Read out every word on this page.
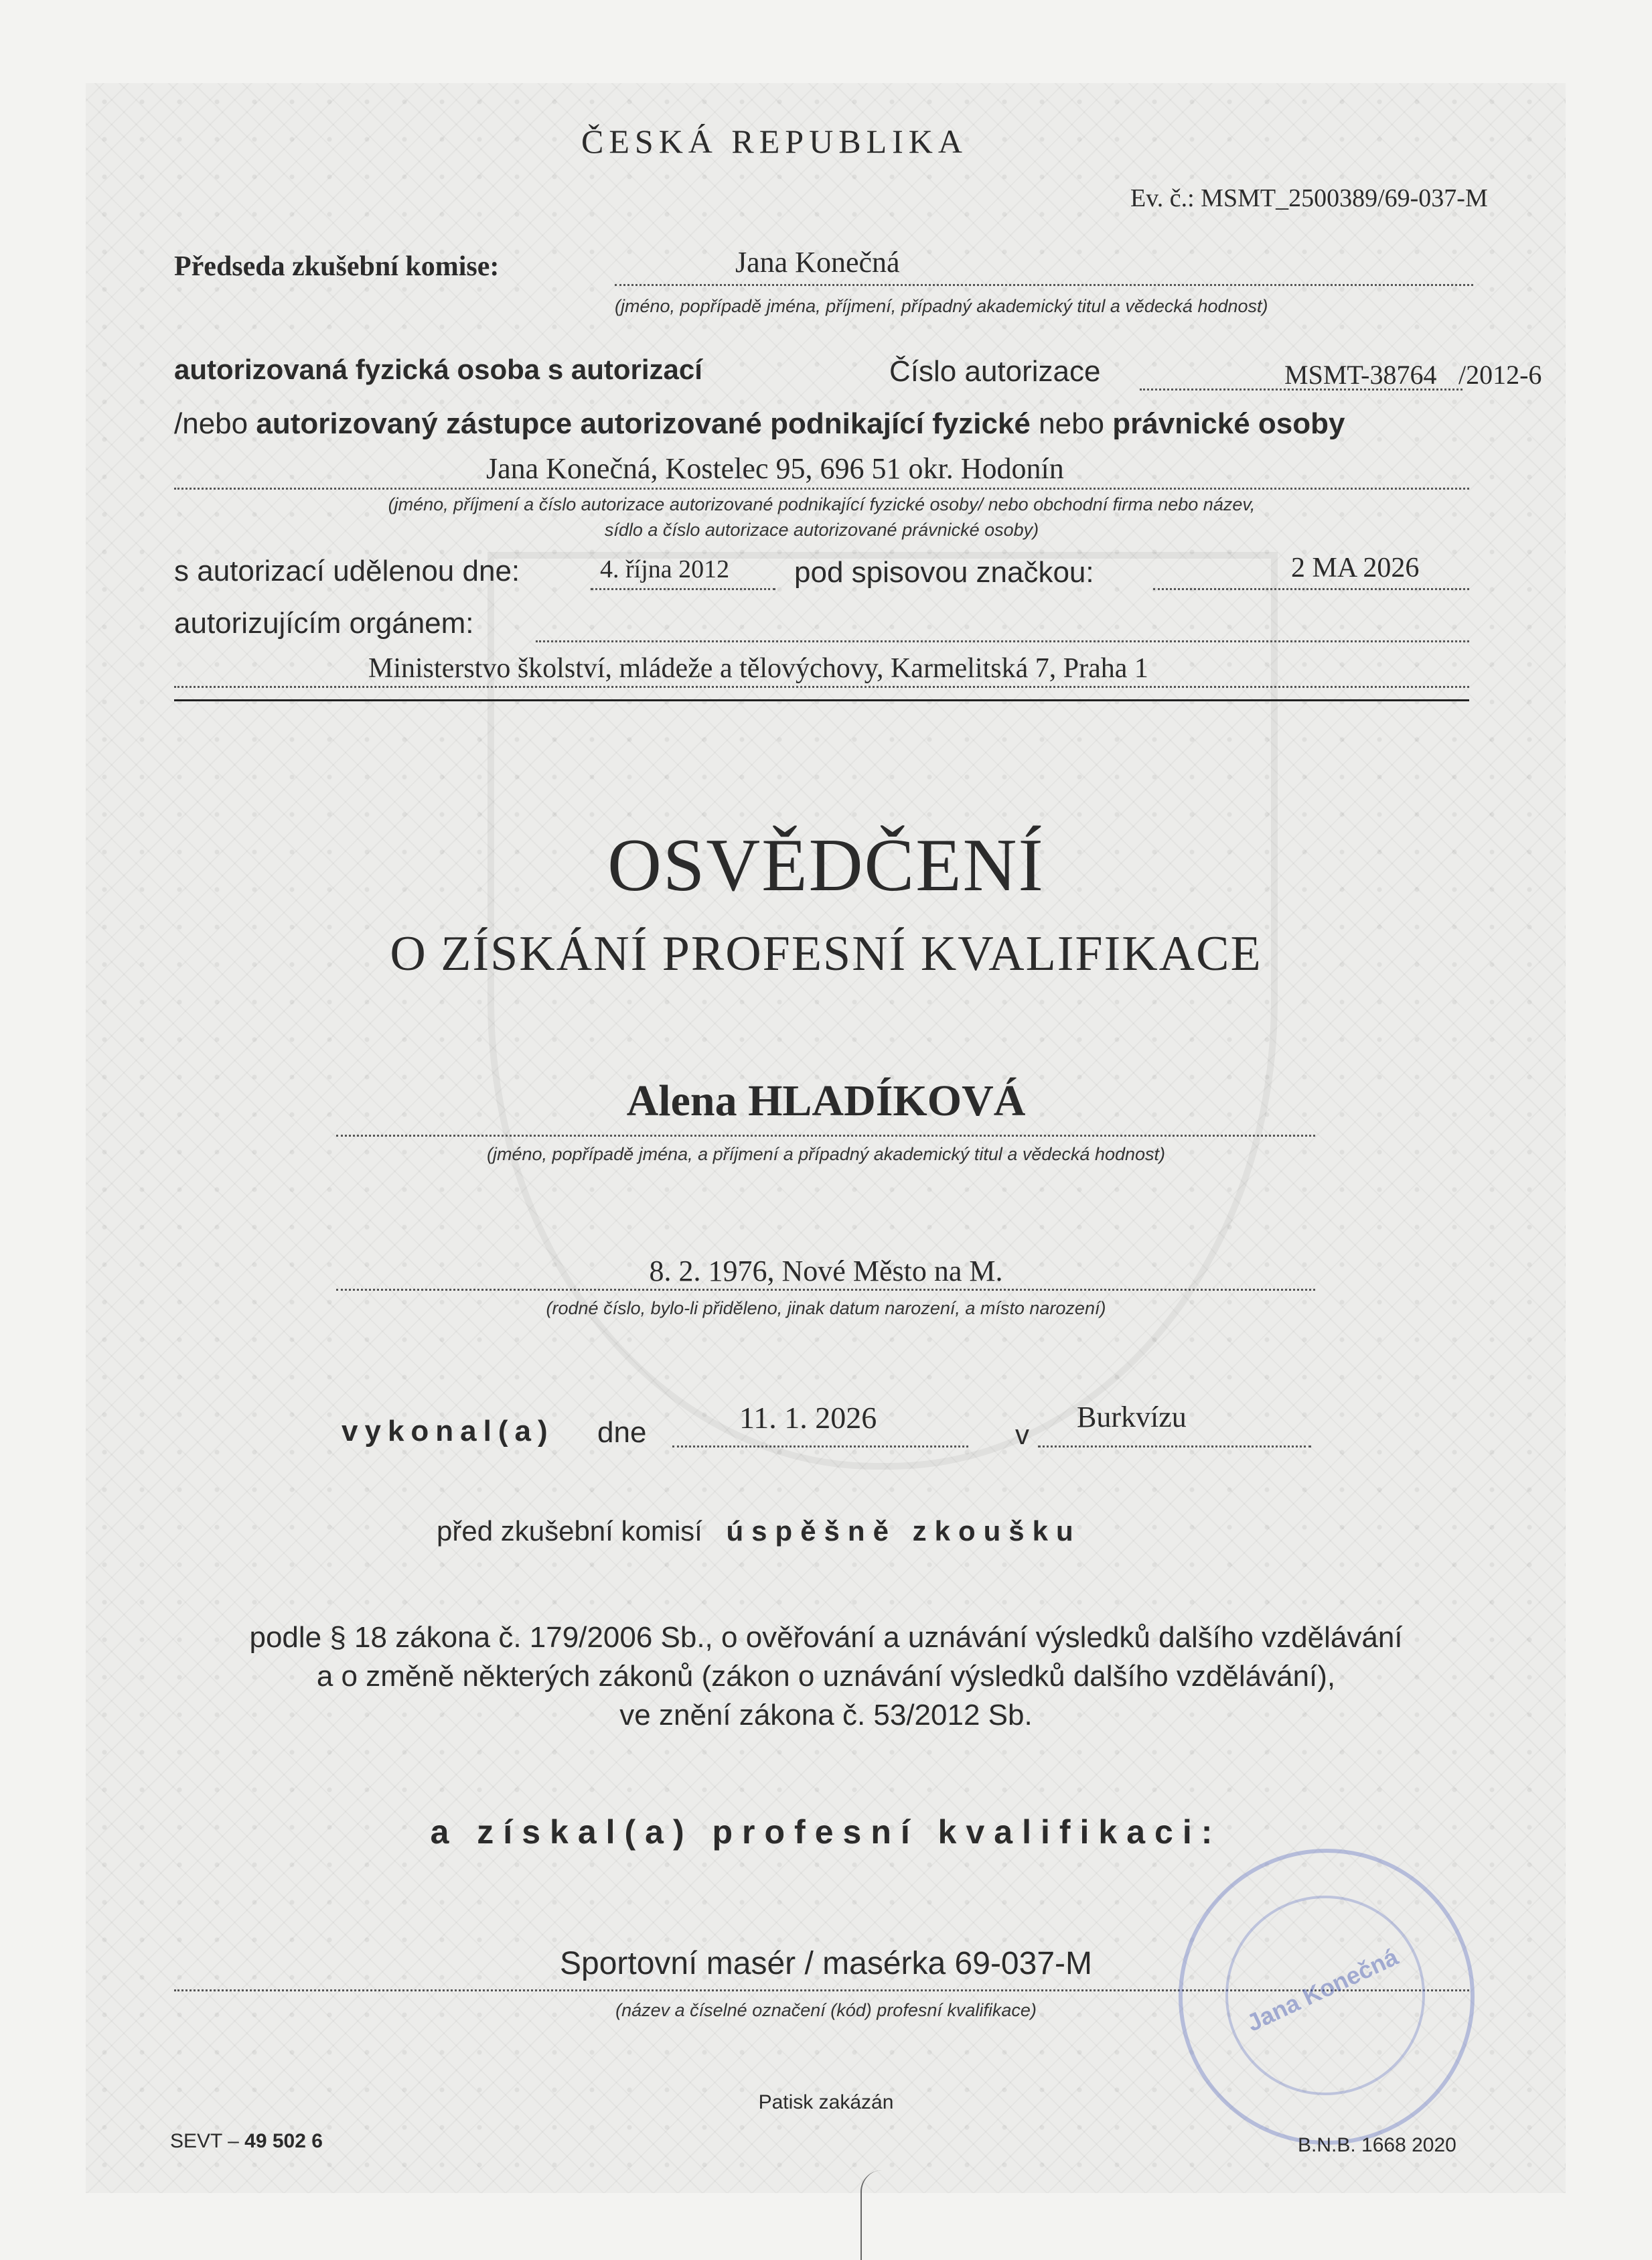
ČESKÁ REPUBLIKA
Ev. č.: MSMT_2500389/69-037-M
Předseda zkušební komise:	Jana Konečná
(jméno, popřípadě jména, příjmení, případný akademický titul a vědecká hodnost)
autorizovaná fyzická osoba s autorizací	Číslo autorizace	MSMT-38764 /2012-6
/nebo autorizovaný zástupce autorizované podnikající fyzické nebo právnické osoby
Jana Konečná, Kostelec 95, 696 51 okr. Hodonín
(jméno, příjmení a číslo autorizace autorizované podnikající fyzické osoby/ nebo obchodní firma nebo název,
sídlo a číslo autorizace autorizované právnické osoby)
s autorizací udělenou dne:	4. října 2012 pod spisovou značkou:	2 MA 2026
autorizujícím orgánem:
Ministerstvo školství, mládeže a tělovýchovy, Karmelitská 7, Praha 1
OSVĚDČENÍ
O ZÍSKÁNÍ PROFESNÍ KVALIFIKACE
Alena HLADÍKOVÁ
(jméno, popřípadě jména, a příjmení a případný akademický titul a vědecká hodnost)
8. 2. 1976, Nové Město na M.
(rodné číslo, bylo-li přiděleno, jinak datum narození, a místo narození)
vykonal(a) dne	11. 1. 2026	v
Burkvízu
před zkušební komisí úspěšně zkoušku
podle § 18 zákona č. 179/2006 Sb., o ověřování a uznávání výsledků dalšího vzdělávání
a o změně některých zákonů (zákon o uznávání výsledků dalšího vzdělávání),
ve znění zákona č. 53/2012 Sb.
a získal(a) profesní kvalifikaci:
Sportovní masér / masérka 69-037-M
(název a číselné označení (kód) profesní kvalifikace)	Jana Konečná
Patisk zakázán
SEVT – 49 502 6	B.N.B. 1668 2020
